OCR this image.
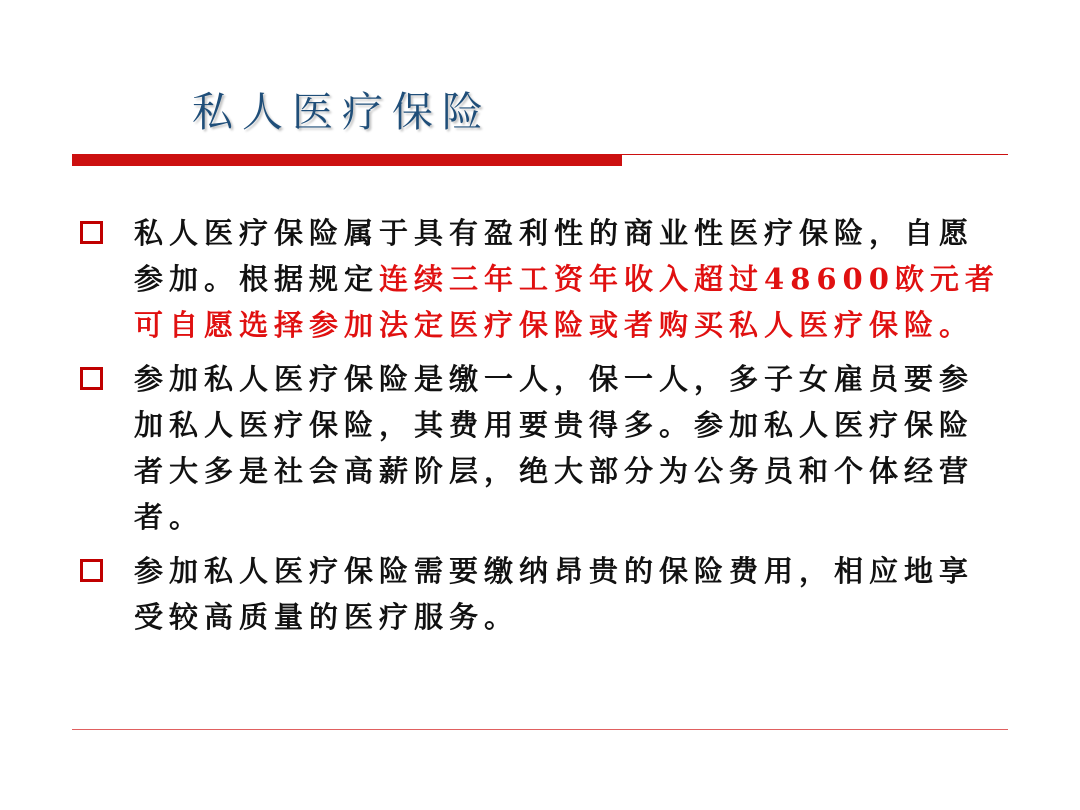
私人医疗保险
私人医疗保险属于具有盈利性的商业性医疗保险，自愿参加。根据规定连续三年工资年收入超过48600欧元者可自愿选择参加法定医疗保险或者购买私人医疗保险。
参加私人医疗保险是缴一人，保一人，多子女雇员要参加私人医疗保险，其费用要贵得多。参加私人医疗保险者大多是社会高薪阶层，绝大部分为公务员和个体经营者。
参加私人医疗保险需要缴纳昂贵的保险费用，相应地享受较高质量的医疗服务。
